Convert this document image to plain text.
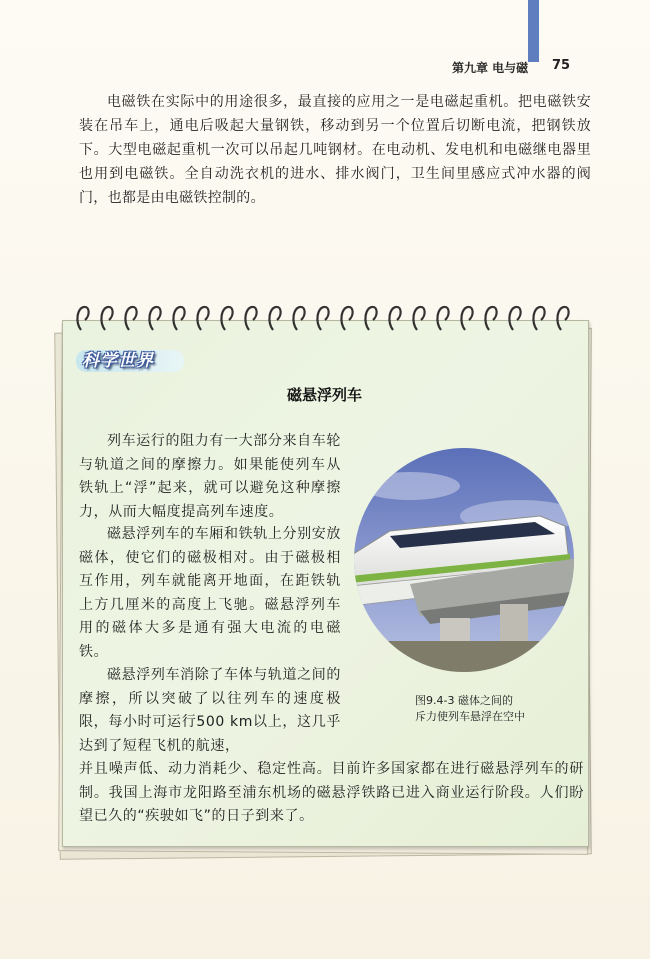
第九章 电与磁 75
电磁铁在实际中的用途很多，最直接的应用之一是电磁起重机。把电磁铁安装在吊车上，通电后吸起大量钢铁，移动到另一个位置后切断电流，把钢铁放下。大型电磁起重机一次可以吊起几吨钢材。在电动机、发电机和电磁继电器里也用到电磁铁。全自动洗衣机的进水、排水阀门，卫生间里感应式冲水器的阀门，也都是由电磁铁控制的。
科学世界
磁悬浮列车
列车运行的阻力有一大部分来自车轮与轨道之间的摩擦力。如果能使列车从铁轨上“浮”起来，就可以避免这种摩擦力，从而大幅度提高列车速度。
磁悬浮列车的车厢和铁轨上分别安放磁体，使它们的磁极相对。由于磁极相互作用，列车就能离开地面，在距铁轨上方几厘米的高度上飞驰。磁悬浮列车用的磁体大多是通有强大电流的电磁铁。
磁悬浮列车消除了车体与轨道之间的摩擦，所以突破了以往列车的速度极限，每小时可运行500 km以上，这几乎达到了短程飞机的航速，
并且噪声低、动力消耗少、稳定性高。目前许多国家都在进行磁悬浮列车的研制。我国上海市龙阳路至浦东机场的磁悬浮铁路已进入商业运行阶段。人们盼望已久的“疾驶如飞”的日子到来了。
图9.4-3 磁体之间的
斥力使列车悬浮在空中
